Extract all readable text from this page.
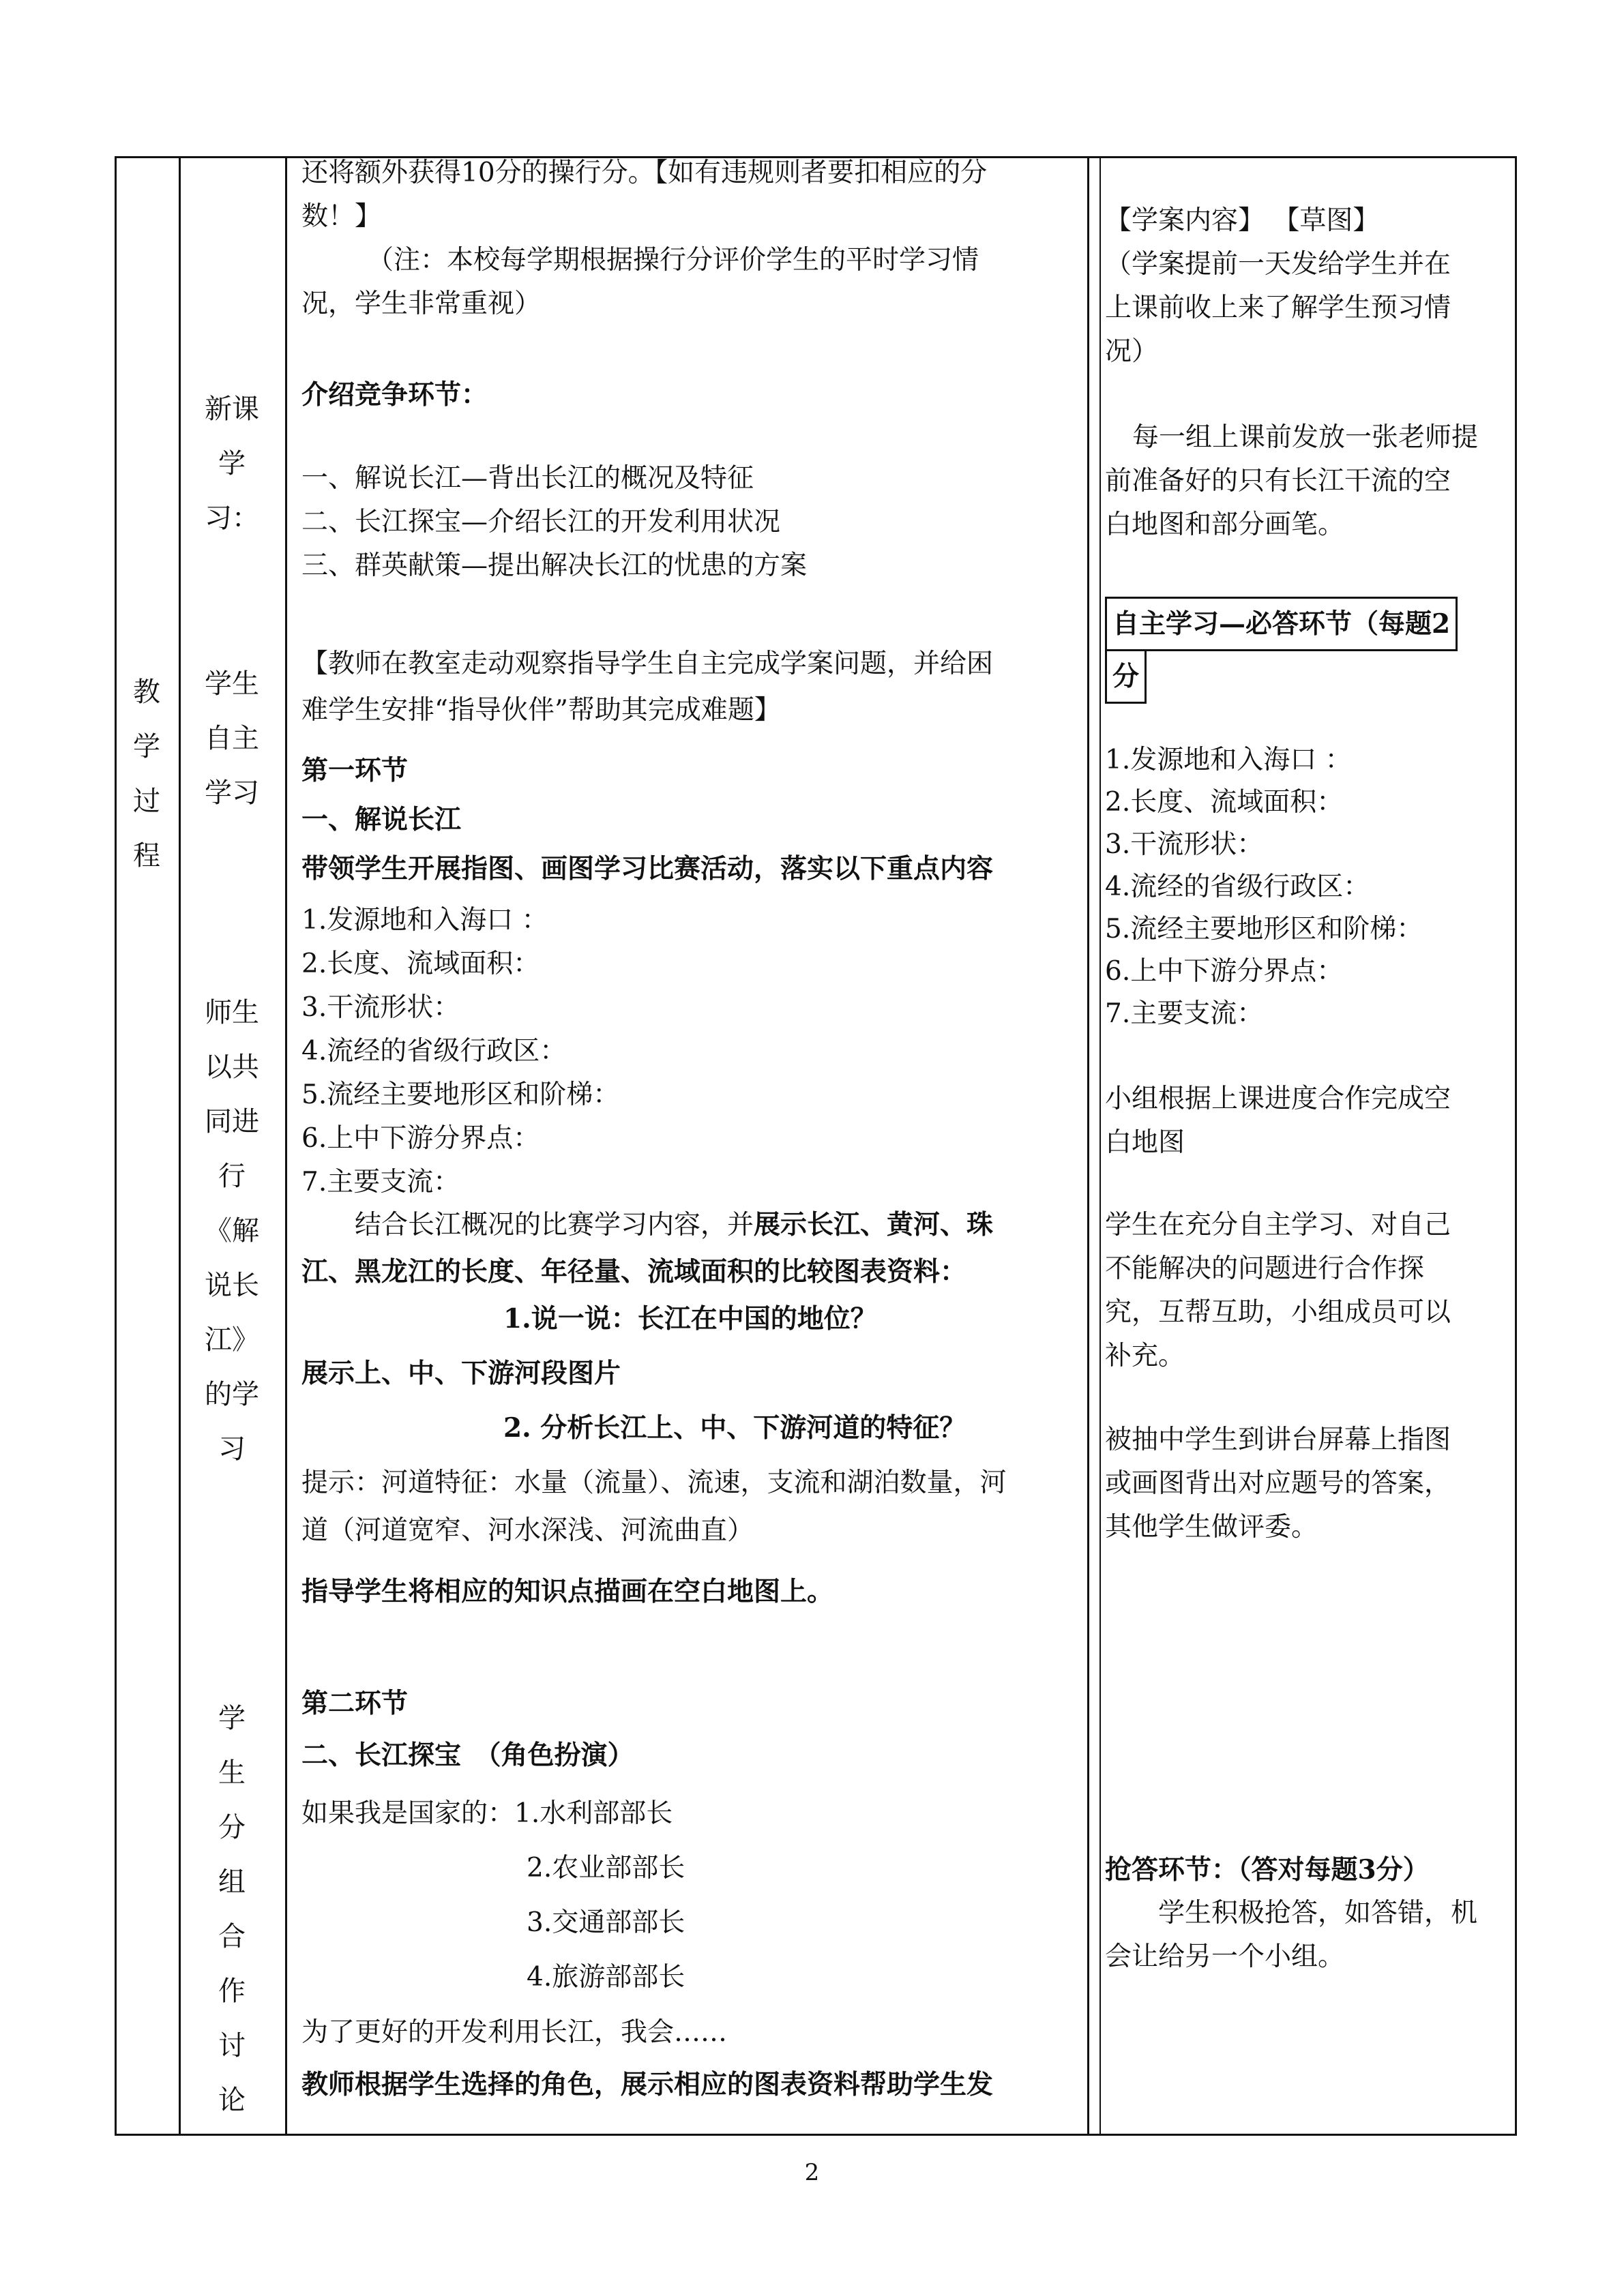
教
学
过
程
新课
学
习：
学生
自主
学习
师生
以共
同进
行
《解
说长
江》
的学
习
学
生
分
组
合
作
讨
论

还将额外获得10分的操行分。【如有违规则者要扣相应的分

数！】

（注：本校每学期根据操行分评价学生的平时学习情

况，学生非常重视）

介绍竞争环节：

一、解说长江—背出长江的概况及特征

二、长江探宝—介绍长江的开发利用状况

三、群英献策—提出解决长江的忧患的方案

【教师在教室走动观察指导学生自主完成学案问题，并给困

难学生安排“指导伙伴”帮助其完成难题】

第一环节

一、解说长江

带领学生开展指图、画图学习比赛活动，落实以下重点内容

1.发源地和入海口 ：

2.长度、流域面积：

3.干流形状：

4.流经的省级行政区：

5.流经主要地形区和阶梯：

6.上中下游分界点：

7.主要支流：

结合长江概况的比赛学习内容，并展示长江、黄河、珠

江、黑龙江的长度、年径量、流域面积的比较图表资料：

1.说一说：长江在中国的地位？

展示上、中、下游河段图片

2. 分析长江上、中、下游河道的特征？

提示：河道特征：水量（流量）、流速，支流和湖泊数量，河

道（河道宽窄、河水深浅、河流曲直）

指导学生将相应的知识点描画在空白地图上。

第二环节

二、长江探宝　（角色扮演）

如果我是国家的：1.水利部部长

2.农业部部长

3.交通部部长

4.旅游部部长

为了更好的开发利用长江，我会……

教师根据学生选择的角色，展示相应的图表资料帮助学生发

【学案内容】 【草图】

（学案提前一天发给学生并在

上课前收上来了解学生预习情

况）

每一组上课前发放一张老师提

前准备好的只有长江干流的空

白地图和部分画笔。

自主学习—必答环节（每题2
分

1.发源地和入海口 ：

2.长度、流域面积：

3.干流形状：

4.流经的省级行政区：

5.流经主要地形区和阶梯：

6.上中下游分界点：

7.主要支流：

小组根据上课进度合作完成空

白地图

学生在充分自主学习、对自己

不能解决的问题进行合作探

究，互帮互助，小组成员可以

补充。

被抽中学生到讲台屏幕上指图

或画图背出对应题号的答案，

其他学生做评委。

抢答环节：（答对每题3分）

学生积极抢答，如答错，机

会让给另一个小组。

2
